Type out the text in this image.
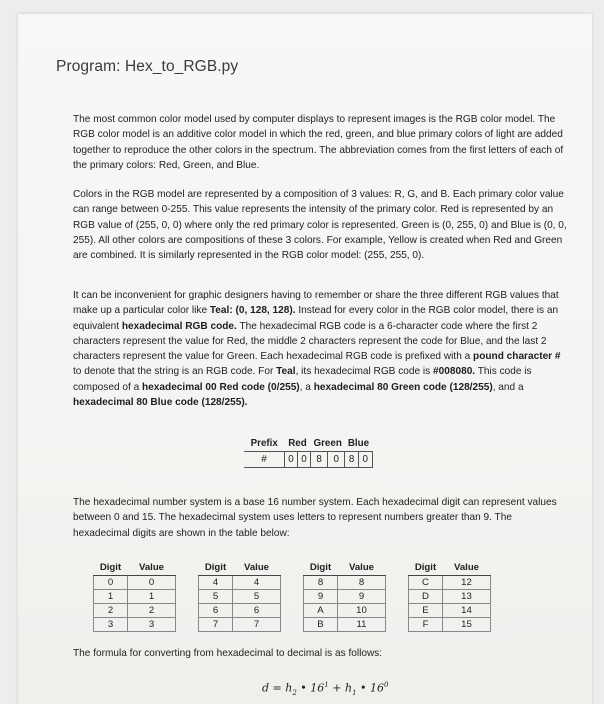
Program: Hex_to_RGB.py

The most common color model used by computer displays to represent images is the RGB color model. The RGB color model is an additive color model in which the red, green, and blue primary colors of light are added together to reproduce the other colors in the spectrum. The abbreviation comes from the first letters of each of the primary colors: Red, Green, and Blue.

Colors in the RGB model are represented by a composition of 3 values: R, G, and B. Each primary color value can range between 0-255. This value represents the intensity of the primary color. Red is represented by an RGB value of (255, 0, 0) where only the red primary color is represented. Green is (0, 255, 0) and Blue is (0, 0, 255). All other colors are compositions of these 3 colors. For example, Yellow is created when Red and Green are combined. It is similarly represented in the RGB color model: (255, 255, 0).

It can be inconvenient for graphic designers having to remember or share the three different RGB values that make up a particular color like Teal: (0, 128, 128). Instead for every color in the RGB color model, there is an equivalent hexadecimal RGB code. The hexadecimal RGB code is a 6-character code where the first 2 characters represent the value for Red, the middle 2 characters represent the code for Blue, and the last 2 characters represent the value for Green. Each hexadecimal RGB code is prefixed with a pound character # to denote that the string is an RGB code. For Teal, its hexadecimal RGB code is #008080. This code is composed of a hexadecimal 00 Red code (0/255), a hexadecimal 80 Green code (128/255), and a hexadecimal 80 Blue code (128/255).

Prefix	Red		Green		Blue	
#	0	0	8	0	8	0

The hexadecimal number system is a base 16 number system. Each hexadecimal digit can represent values between 0 and 15. The hexadecimal system uses letters to represent numbers greater than 9. The hexadecimal digits are shown in the table below:

Digit	Value		Digit	Value		Digit	Value		Digit	Value
0	0		4	4		8	8		C	12
1	1		5	5		9	9		D	13
2	2		6	6		A	10		E	14
3	3		7	7		B	11		F	15

The formula for converting from hexadecimal to decimal is as follows:

$d = h_2$ • $16^1 + h_1$ • $16^0$
